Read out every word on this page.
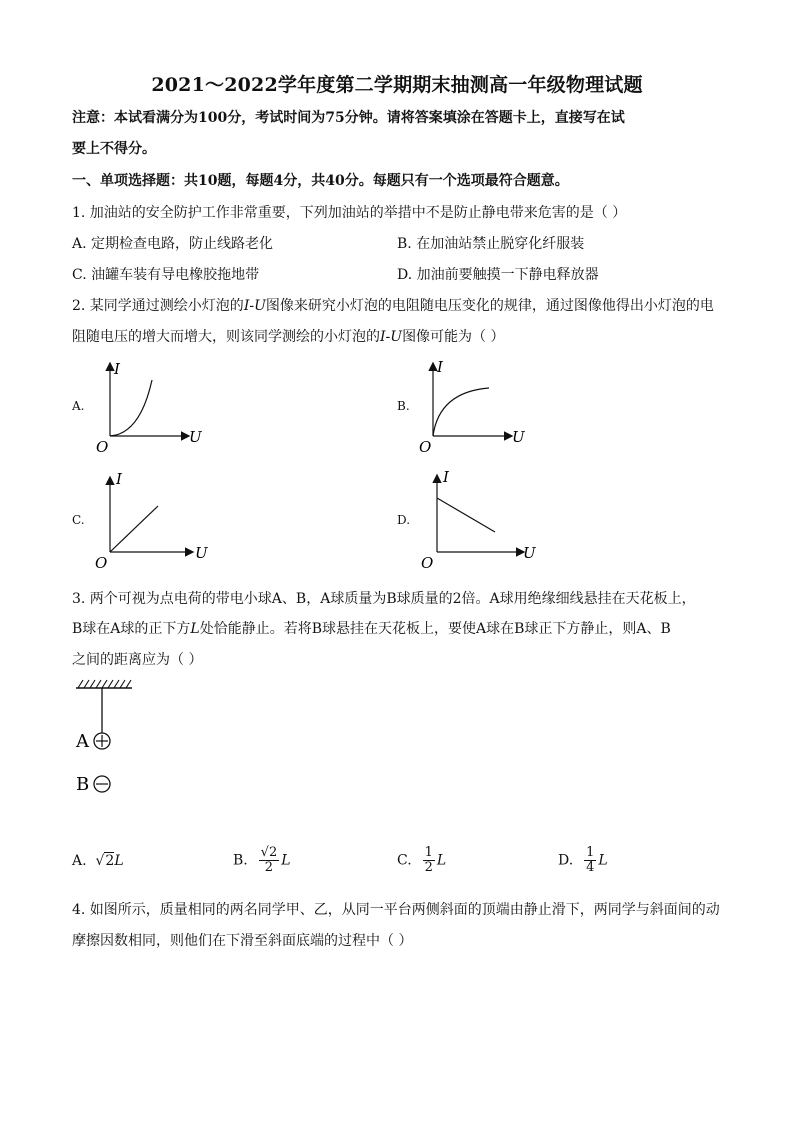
2021～2022学年度第二学期期末抽测高一年级物理试题
注意：本试看满分为100分，考试时间为75分钟。请将答案填涂在答题卡上，直接写在试
要上不得分。
一、单项选择题：共10题，每题4分，共40分。每题只有一个选项最符合题意。
1. 加油站的安全防护工作非常重要，下列加油站的举措中不是防止静电带来危害的是（ ）
A. 定期检查电路，防止线路老化	B. 在加油站禁止脱穿化纤服装
C. 油罐车装有导电橡胶拖地带	D. 加油前要触摸一下静电释放器
2. 某同学通过测绘小灯泡的I-U图像来研究小灯泡的电阻随电压变化的规律，通过图像他得出小灯泡的电
阻随电压的增大而增大，则该同学测绘的小灯泡的I-U图像可能为（ ）
A.
I
U
O
B.
I
U
O
C.
I
U
O
D.
I
U
O
3. 两个可视为点电荷的带电小球A、B，A球质量为B球质量的2倍。A球用绝缘细线悬挂在天花板上，
B球在A球的正下方L处恰能静止。若将B球悬挂在天花板上，要使A球在B球正下方静止，则A、B
之间的距离应为（ ）
A
B
A. √2L	B. $\frac{√2}{2}$ L	C. $\frac{1}{2}$ L	D. $\frac{1}{4}$ L
4. 如图所示，质量相同的两名同学甲、乙，从同一平台两侧斜面的顶端由静止滑下，两同学与斜面间的动
摩擦因数相同，则他们在下滑至斜面底端的过程中（ ）
